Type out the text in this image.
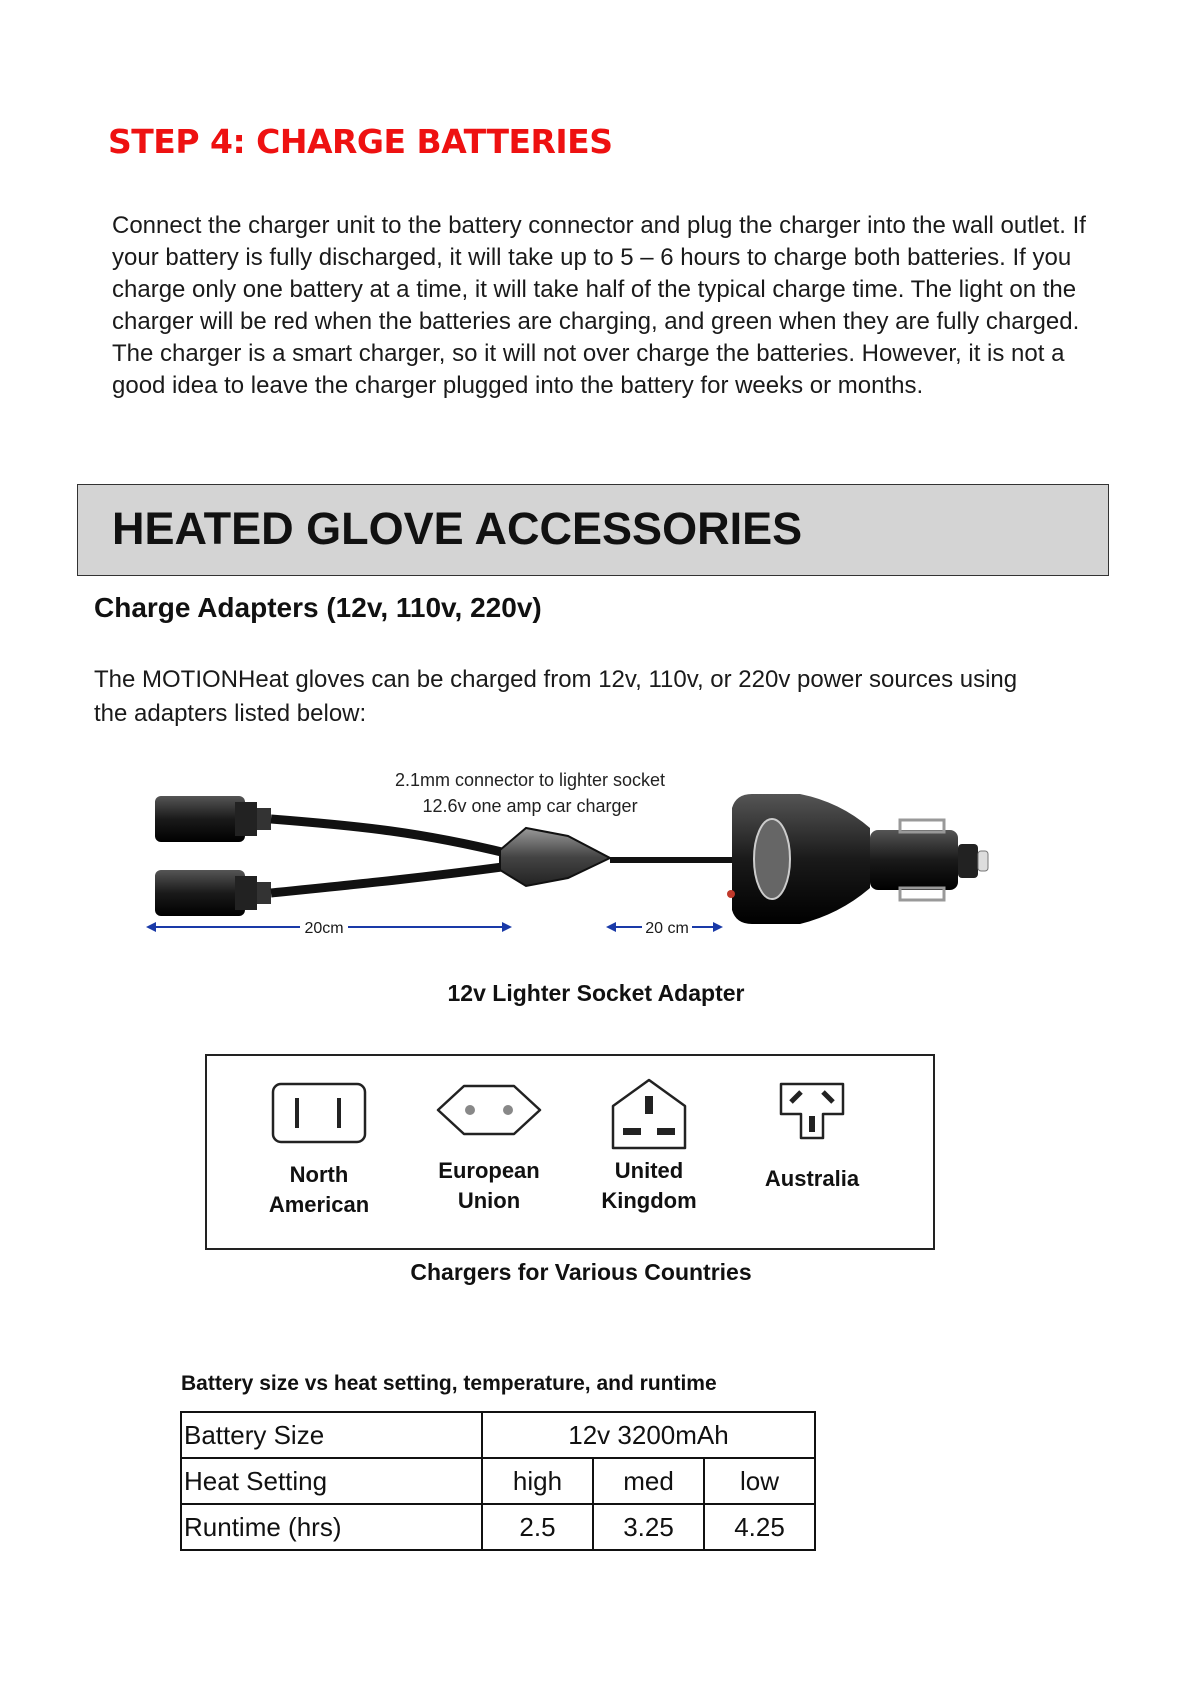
STEP 4: CHARGE BATTERIES

Connect the charger unit to the battery connector and plug the charger into the wall outlet. If your battery is fully discharged, it will take up to 5 – 6 hours to charge both batteries. If you charge only one battery at a time, it will take half of the typical charge time. The light on the charger will be red when the batteries are charging, and green when they are fully charged. The charger is a smart charger, so it will not over charge the batteries. However, it is not a good idea to leave the charger plugged into the battery for weeks or months.

HEATED GLOVE ACCESSORIES
Charge Adapters (12v, 110v, 220v)

The MOTIONHeat gloves can be charged from 12v, 110v, or 220v power sources using the adapters listed below:

2.1mm connector to lighter socket
12.6v one amp car charger
20cm	20 cm
12v Lighter Socket Adapter
North
American
European
Union
United
Kingdom
Australia
Chargers for Various Countries
Battery size vs heat setting, temperature, and runtime
Battery Size	12v 3200mAh		
Heat Setting	high	med	low
Runtime (hrs)	2.5	3.25	4.25
